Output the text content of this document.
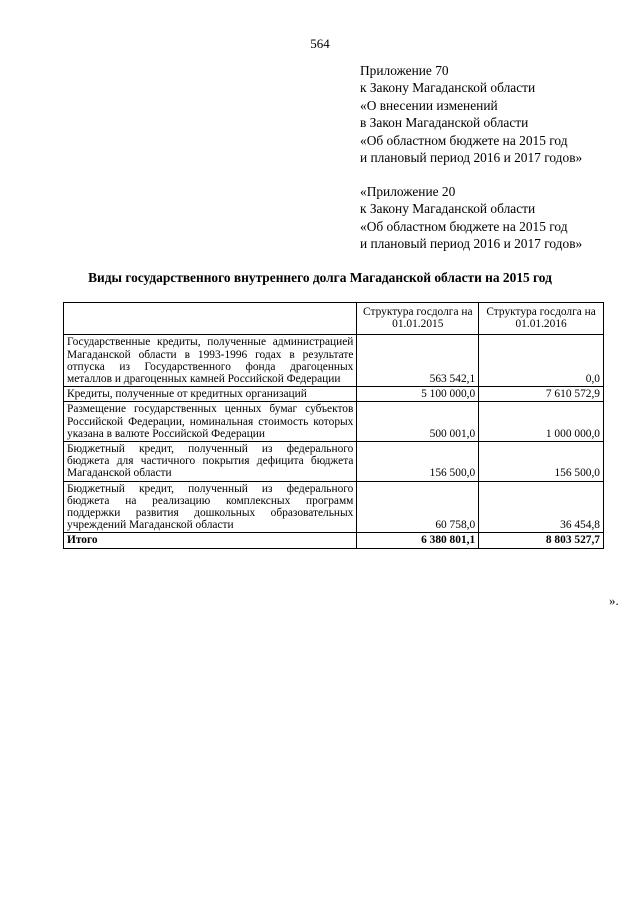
564
Приложение 70
к Закону Магаданской области
«О внесении изменений
в Закон Магаданской области
«Об областном бюджете на 2015 год
и плановый период 2016 и 2017 годов»
«Приложение 20
к Закону Магаданской области
«Об областном бюджете на 2015 год
и плановый период 2016 и 2017 годов»
Виды государственного внутреннего долга Магаданской области на 2015 год
	Структура госдолга на 01.01.2015	Структура госдолга на 01.01.2016
Государственные кредиты, полученные администрацией Магаданской области в 1993-1996 годах в результате отпуска из Государственного фонда драгоценных металлов и драгоценных камней Российской Федерации	563 542,1	0,0
Кредиты, полученные от кредитных организаций	5 100 000,0	7 610 572,9
Размещение государственных ценных бумаг субъектов Российской Федерации, номинальная стоимость которых указана в валюте Российской Федерации	500 001,0	1 000 000,0
Бюджетный кредит, полученный из федерального бюджета для частичного покрытия дефицита бюджета Магаданской области	156 500,0	156 500,0
Бюджетный кредит, полученный из федерального бюджета на реализацию комплексных программ поддержки развития дошкольных образовательных учреждений Магаданской области	60 758,0	36 454,8
Итого	6 380 801,1	8 803 527,7
».
